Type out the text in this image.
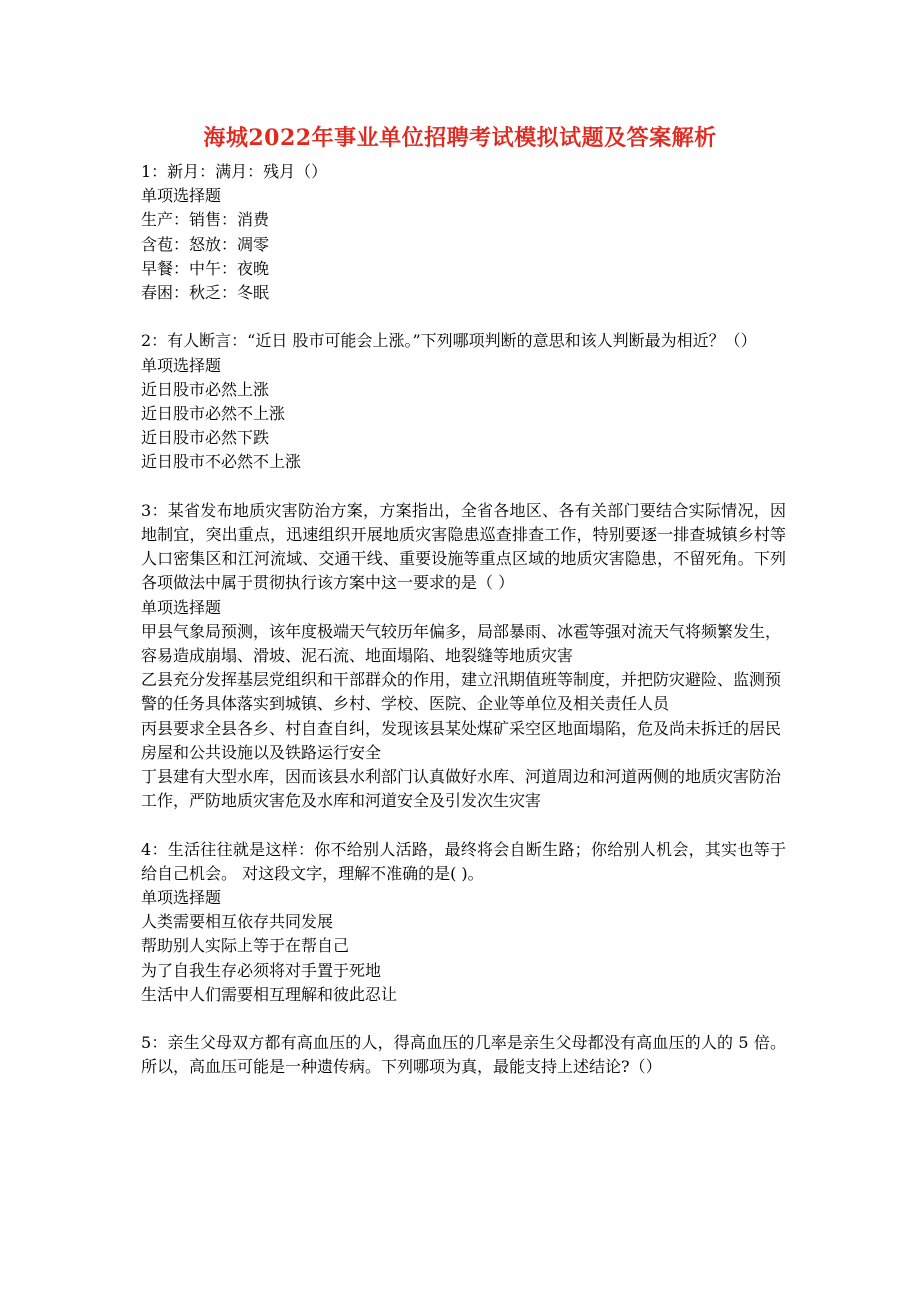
海城2022年事业单位招聘考试模拟试题及答案解析

1：新月：满月：残月（）

单项选择题

生产：销售：消费

含苞：怒放：凋零

早餐：中午：夜晚

春困：秋乏：冬眠

2：有人断言：“近日 股市可能会上涨。”下列哪项判断的意思和该人判断最为相近？（）

单项选择题

近日股市必然上涨

近日股市必然不上涨

近日股市必然下跌

近日股市不必然不上涨

3：某省发布地质灾害防治方案，方案指出，全省各地区、各有关部门要结合实际情况，因地制宜，突出重点，迅速组织开展地质灾害隐患巡查排查工作，特别要逐一排查城镇乡村等人口密集区和江河流域、交通干线、重要设施等重点区域的地质灾害隐患，不留死角。下列各项做法中属于贯彻执行该方案中这一要求的是（ ）

单项选择题

甲县气象局预测，该年度极端天气较历年偏多，局部暴雨、冰雹等强对流天气将频繁发生，容易造成崩塌、滑坡、泥石流、地面塌陷、地裂缝等地质灾害

乙县充分发挥基层党组织和干部群众的作用，建立汛期值班等制度，并把防灾避险、监测预警的任务具体落实到城镇、乡村、学校、医院、企业等单位及相关责任人员

丙县要求全县各乡、村自查自纠，发现该县某处煤矿采空区地面塌陷，危及尚未拆迁的居民房屋和公共设施以及铁路运行安全

丁县建有大型水库，因而该县水利部门认真做好水库、河道周边和河道两侧的地质灾害防治工作，严防地质灾害危及水库和河道安全及引发次生灾害

4：生活往往就是这样：你不给别人活路，最终将会自断生路；你给别人机会，其实也等于给自己机会。 对这段文字，理解不准确的是( )。

单项选择题

人类需要相互依存共同发展

帮助别人实际上等于在帮自己

为了自我生存必须将对手置于死地

生活中人们需要相互理解和彼此忍让

5：亲生父母双方都有高血压的人，得高血压的几率是亲生父母都没有高血压的人的 5 倍。所以，高血压可能是一种遗传病。下列哪项为真，最能支持上述结论?（）
